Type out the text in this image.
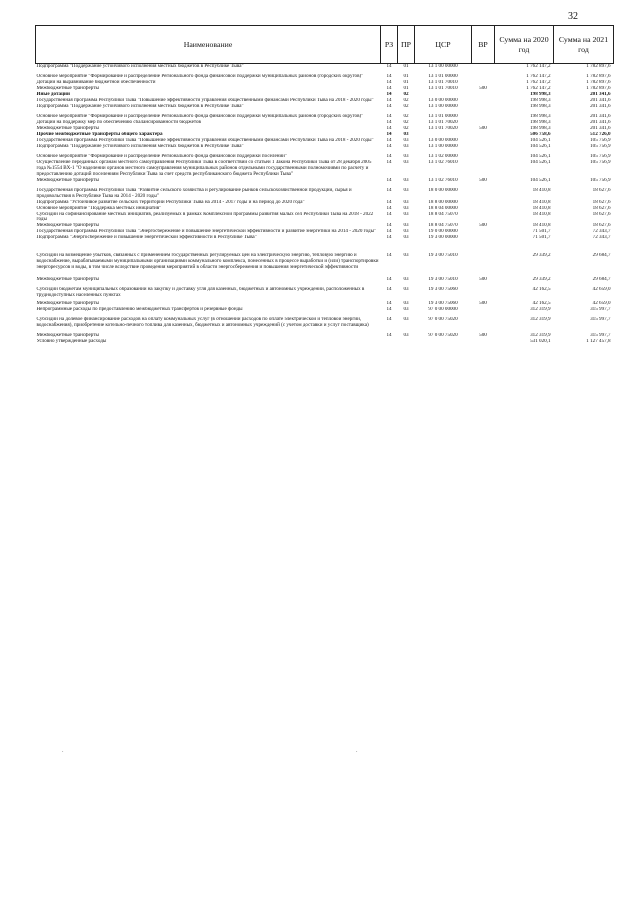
32
Наименование	РЗ	ПР	ЦСР	ВР	Сумма на 2020 год	Сумма на 2021 год
Подпрограмма "Поддержание устойчивого исполнения местных бюджетов в Республике Тыва"	14	01	13 1 00 00000		1 762 147,2	1 782 897,6

Основное мероприятие "Формирование и распределение Регионального фонда финансовой поддержки муниципальных районов (городских округов)"	14	01	13 1 01 00000		1 762 147,2	1 782 897,6
Дотации на выравнивание бюджетной обеспеченности	14	01	13 1 01 70010		1 762 147,2	1 782 897,6
Межбюджетные трансферты	14	01	13 1 01 70010	500	1 762 147,2	1 782 897,6
Иные дотации	14	02			198 998,3	201 341,6
Государственная программа Республики Тыва "Повышение эффективности управления общественными финансами Республики Тыва на 2018 - 2020 годы"	14	02	13 0 00 00000		198 998,3	201 341,6
Подпрограмма "Поддержание устойчивого исполнения местных бюджетов в Республике Тыва"	14	02	13 1 00 00000		198 998,3	201 341,6

Основное мероприятие "Формирование и распределение Регионального фонда финансовой поддержки муниципальных районов (городских округов)"	14	02	13 1 01 00000		198 998,3	201 341,6
Дотации на поддержку мер по обеспечению сбалансированности бюджетов	14	02	13 1 01 70020		198 998,3	201 341,6
Межбюджетные трансферты	14	02	13 1 01 70020	500	198 998,3	201 341,6
Прочие межбюджетные трансферты общего характера	14	03			506 758,6	512 726,0
Государственная программа Республики Тыва "Повышение эффективности управления общественными финансами Республики Тыва на 2018 - 2020 годы"	14	03	13 0 00 00000		104 526,1	105 756,9
Подпрограмма "Поддержание устойчивого исполнения местных бюджетов в Республике Тыва"	14	03	13 1 00 00000		104 526,1	105 756,9

Основное мероприятие "Формирование и распределение Регионального фонда финансовой поддержки поселений"	14	03	13 1 02 00000		104 526,1	105 756,9
Осуществление переданных органам местного самоуправления Республики Тыва в соответствии со статьей 1 Закона Республики Тыва от 28 декабря 2005 года №1554 ВХ-1 "О наделении органов местного самоуправления муниципальных районов отдельными государственными полномочиями по расчету и предоставлению дотаций поселениям Республики Тыва за счет средств республиканского бюджета Республики Тыва"	14	03	13 1 02 76010		104 526,1	105 756,9
Межбюджетные трансферты	14	03	13 1 02 76010	500	104 526,1	105 756,9

Государственная программа Республики Тыва "Развитие сельского хозяйства и регулирование рынков сельскохозяйственной продукции, сырья и продовольствия в Республике Тыва на 2014 - 2020 годы"	14	03	18 0 00 00000		18 410,8	18 627,6
Подпрограмма "Устойчивое развитие сельских территорий Республики Тыва на 2014 - 2017 годы и на период до 2020 года"	14	03	18 8 00 00000		18 410,8	18 627,6
Основное мероприятие "Поддержка местных инициатив"	14	03	18 8 04 00000		18 410,8	18 627,6
Субсидии на софинансирование местных инициатив, реализуемых в рамках Комплексной программы развития малых сел Республики Тыва на 2018 - 2022 годы	14	03	18 8 04 75070		18 410,8	18 627,6
Межбюджетные трансферты	14	03	18 8 04 75070	500	18 410,8	18 627,6
Государственная программа Республики Тыва "Энергосбережение и повышение энергетической эффективности и развитие энергетики на 2014 - 2020 годы"	14	03	19 0 00 00000		71 501,7	72 343,7
Подпрограмма "Энергосбережение и повышение энергетической эффективности в Республике Тыва"	14	03	19 3 00 00000		71 501,7	72 343,7

Субсидии на возмещение убытков, связанных с применением государственных регулируемых цен на электрическую энергию, тепловую энергию и водоснабжение, вырабатываемыми муниципальными организациями коммунального комплекса, понесенных в процессе выработки и (или) транспортировки энергоресурсов и воды, в том числе вследствие проведения мероприятий в области энергосбережения и повышения энергетической эффективности	14	03	19 3 00 75010		29 339,2	29 684,7

Межбюджетные трансферты	14	03	19 3 00 75010	500	29 339,2	29 684,7

Субсидии бюджетам муниципальных образований на закупку и доставку угля для казенных, бюджетных и автономных учреждений, расположенных в труднодоступных населенных пунктах	14	03	19 3 00 75060		42 162,5	42 659,0

Межбюджетные трансферты	14	03	19 3 00 75060	500	42 162,5	42 659,0
Непрограммные расходы по предоставлению межбюджетных трансфертов и резервные фонды	14	03	97 0 00 00000		312 319,9	315 997,7

Субсидии на долевое финансирование расходов на оплату коммунальных услуг (в отношении расходов по оплате электрической и тепловой энергии, водоснабжения), приобретение котельно-печного топлива для казенных, бюджетных и автономных учреждений (с учетом доставки и услуг поставщика)	14	03	97 0 00 75020		312 319,9	315 997,7

Межбюджетные трансферты	14	03	97 0 00 75020	500	312 319,9	315 997,7
Условно утвержденные расходы					531 020,1	1 127 457,8
.	.
